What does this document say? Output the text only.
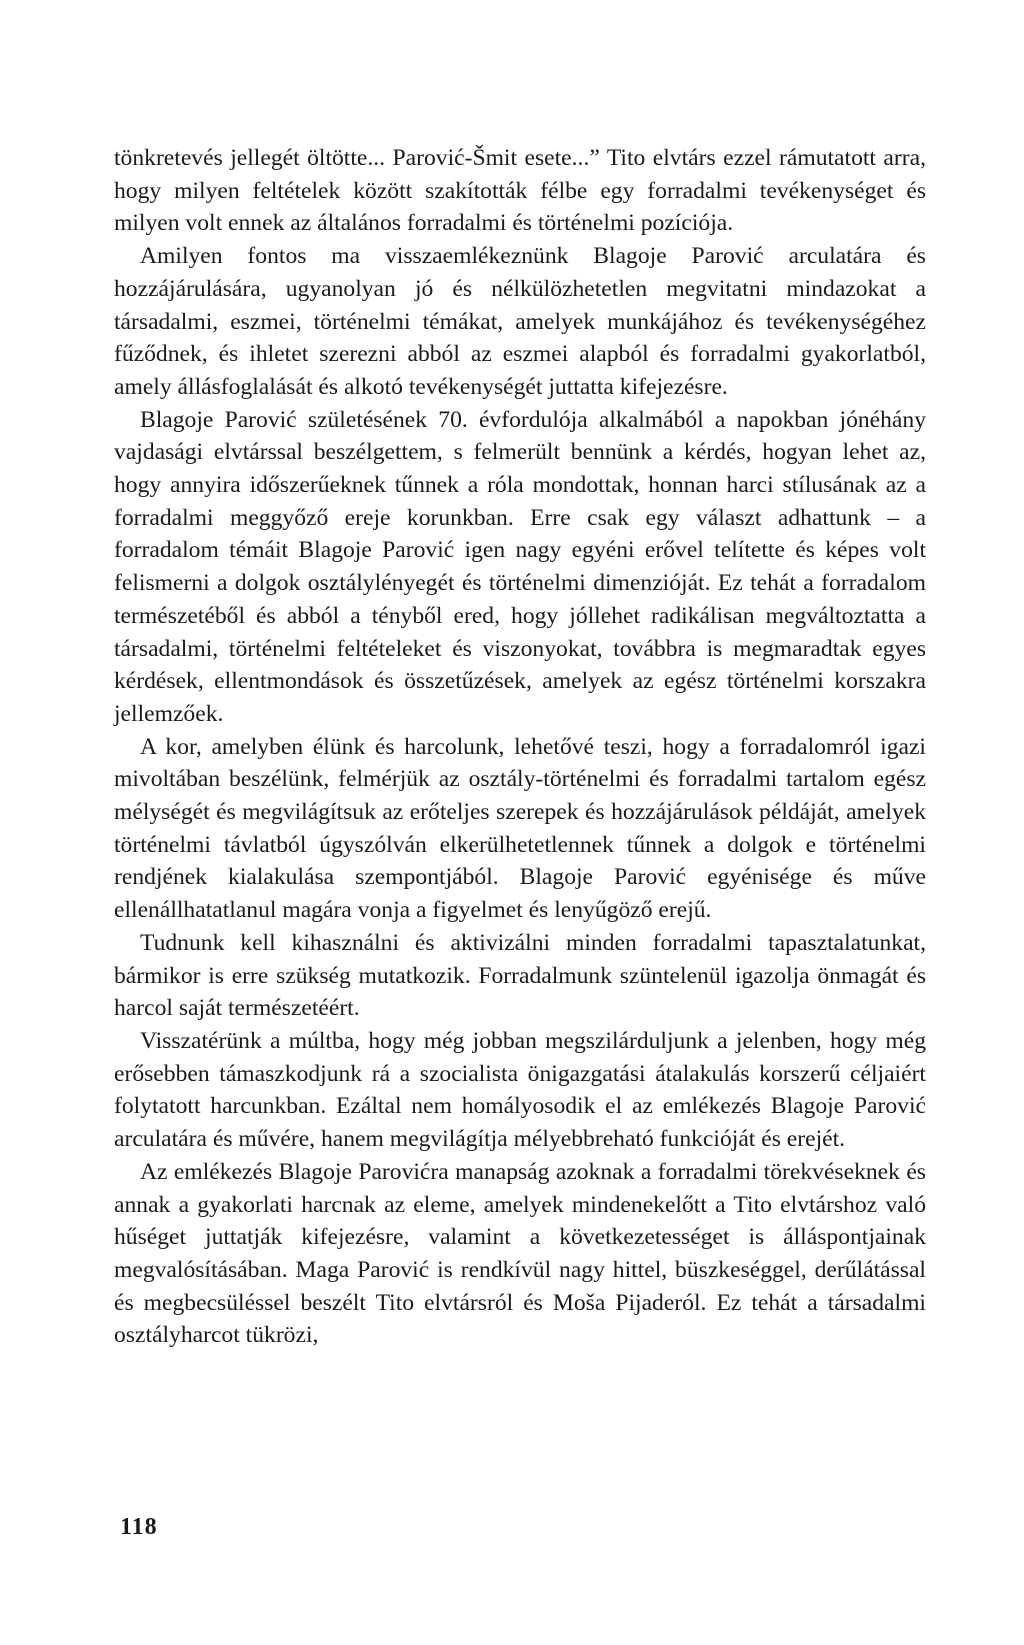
tönkretevés jellegét öltötte... Parović-Šmit esete...” Tito elvtárs ezzel rámutatott arra, hogy milyen feltételek között szakították félbe egy forradalmi tevékenységet és milyen volt ennek az általános forradalmi és történelmi pozíciója.

Amilyen fontos ma visszaemlékeznünk Blagoje Parović arculatára és hozzájárulására, ugyanolyan jó és nélkülözhetetlen megvitatni mindazokat a társadalmi, eszmei, történelmi témákat, amelyek munkájához és tevékenységéhez fűződnek, és ihletet szerezni abból az eszmei alapból és forradalmi gyakorlatból, amely állásfoglalását és alkotó tevékenységét juttatta kifejezésre.

Blagoje Parović születésének 70. évfordulója alkalmából a napokban jónéhány vajdasági elvtárssal beszélgettem, s felmerült bennünk a kérdés, hogyan lehet az, hogy annyira időszerűeknek tűnnek a róla mondottak, honnan harci stílusának az a forradalmi meggyőző ereje korunkban. Erre csak egy választ adhattunk – a forradalom témáit Blagoje Parović igen nagy egyéni erővel telítette és képes volt felismerni a dolgok osztálylényegét és történelmi dimenzióját. Ez tehát a forradalom természetéből és abból a tényből ered, hogy jóllehet radikálisan megváltoztatta a társadalmi, történelmi feltételeket és viszonyokat, továbbra is megmaradtak egyes kérdések, ellentmondások és összetűzések, amelyek az egész történelmi korszakra jellemzőek.

A kor, amelyben élünk és harcolunk, lehetővé teszi, hogy a forradalomról igazi mivoltában beszélünk, felmérjük az osztály-történelmi és forradalmi tartalom egész mélységét és megvilágítsuk az erőteljes szerepek és hozzájárulások példáját, amelyek történelmi távlatból úgyszólván elkerülhetetlennek tűnnek a dolgok e történelmi rendjének kialakulása szempontjából. Blagoje Parović egyénisége és műve ellenállhatatlanul magára vonja a figyelmet és lenyűgöző erejű.

Tudnunk kell kihasználni és aktivizálni minden forradalmi tapasztalatunkat, bármikor is erre szükség mutatkozik. Forradalmunk szüntelenül igazolja önmagát és harcol saját természetéért.

Visszatérünk a múltba, hogy még jobban megszilárduljunk a jelenben, hogy még erősebben támaszkodjunk rá a szocialista önigazgatási átalakulás korszerű céljaiért folytatott harcunkban. Ezáltal nem homályosodik el az emlékezés Blagoje Parović arculatára és művére, hanem megvilágítja mélyebbreható funkcióját és erejét.

Az emlékezés Blagoje Parovićra manapság azoknak a forradalmi törekvéseknek és annak a gyakorlati harcnak az eleme, amelyek mindenekelőtt a Tito elvtárshoz való hűséget juttatják kifejezésre, valamint a következetességet is álláspontjainak megvalósításában. Maga Parović is rendkívül nagy hittel, büszkeséggel, derűlátással és megbecsüléssel beszélt Tito elvtársról és Moša Pijaderól. Ez tehát a társadalmi osztályharcot tükrözi,

118
